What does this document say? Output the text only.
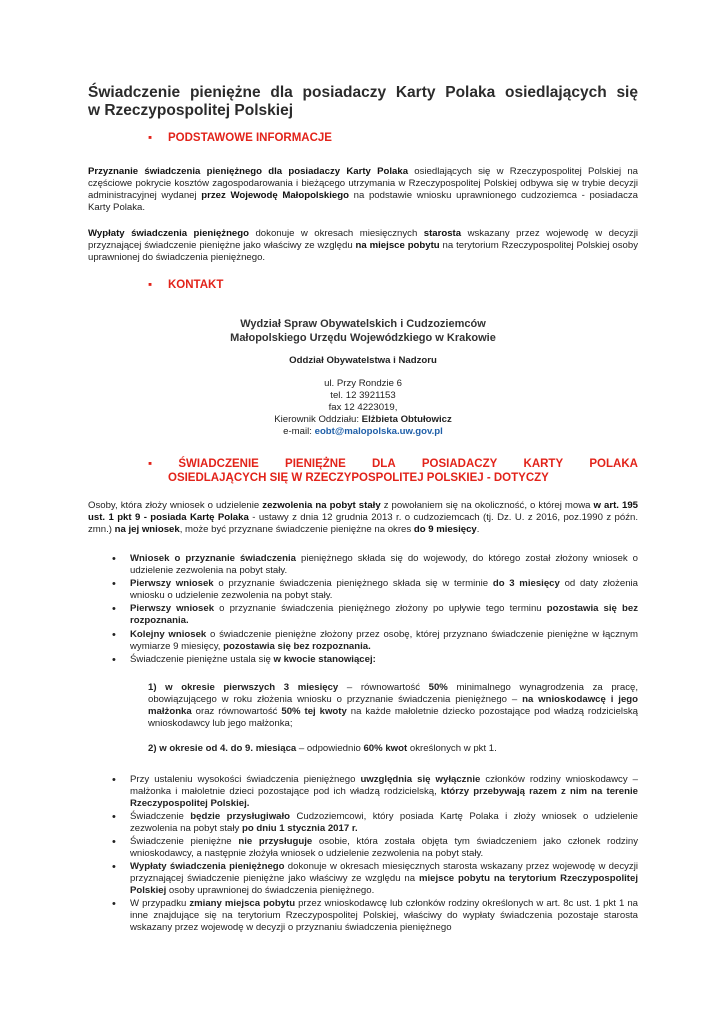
Świadczenie pieniężne dla posiadaczy Karty Polaka osiedlających się
w Rzeczypospolitej Polskiej
▪ PODSTAWOWE INFORMACJE
Przyznanie świadczenia pieniężnego dla posiadaczy Karty Polaka osiedlających się w Rzeczypospolitej Polskiej na częściowe pokrycie kosztów zagospodarowania i bieżącego utrzymania w Rzeczypospolitej Polskiej odbywa się w trybie decyzji administracyjnej wydanej przez Wojewodę Małopolskiego na podstawie wniosku uprawnionego cudzoziemca - posiadacza Karty Polaka.
Wypłaty świadczenia pieniężnego dokonuje w okresach miesięcznych starosta wskazany przez wojewodę w decyzji przyznającej świadczenie pieniężne jako właściwy ze względu na miejsce pobytu na terytorium Rzeczypospolitej Polskiej osoby uprawnionej do świadczenia pieniężnego.
▪ KONTAKT
Wydział Spraw Obywatelskich i Cudzoziemców
Małopolskiego Urzędu Wojewódzkiego w Krakowie
Oddział Obywatelstwa i Nadzoru
ul. Przy Rondzie 6
tel. 12 3921153
fax 12 4223019,
Kierownik Oddziału: Elżbieta Obtułowicz
e-mail: eobt@malopolska.uw.gov.pl
▪ ŚWIADCZENIE PIENIĘŻNE DLA POSIADACZY KARTY POLAKA
OSIEDLAJĄCYCH SIĘ W RZECZYPOSPOLITEJ POLSKIEJ - DOTYCZY
Osoby, która złoży wniosek o udzielenie zezwolenia na pobyt stały z powołaniem się na okoliczność, o której mowa w art. 195 ust. 1 pkt 9 - posiada Kartę Polaka - ustawy z dnia 12 grudnia 2013 r. o cudzoziemcach (tj. Dz. U. z 2016, poz.1990 z późn. zmn.) na jej wniosek, może być przyznane świadczenie pieniężne na okres do 9 miesięcy.
•	Wniosek o przyznanie świadczenia pieniężnego składa się do wojewody, do którego został złożony wniosek o udzielenie zezwolenia na pobyt stały.
•	Pierwszy wniosek o przyznanie świadczenia pieniężnego składa się w terminie do 3 miesięcy od daty złożenia wniosku o udzielenie zezwolenia na pobyt stały.
•	Pierwszy wniosek o przyznanie świadczenia pieniężnego złożony po upływie tego terminu pozostawia się bez rozpoznania.
•	Kolejny wniosek o świadczenie pieniężne złożony przez osobę, której przyznano świadczenie pieniężne w łącznym wymiarze 9 miesięcy, pozostawia się bez rozpoznania.
•	Świadczenie pieniężne ustala się w kwocie stanowiącej:
1) w okresie pierwszych 3 miesięcy – równowartość 50% minimalnego wynagrodzenia za pracę, obowiązującego w roku złożenia wniosku o przyznanie świadczenia pieniężnego – na wnioskodawcę i jego małżonka oraz równowartość 50% tej kwoty na każde małoletnie dziecko pozostające pod władzą rodzicielską wnioskodawcy lub jego małżonka;
2) w okresie od 4. do 9. miesiąca – odpowiednio 60% kwot określonych w pkt 1.
•	Przy ustaleniu wysokości świadczenia pieniężnego uwzględnia się wyłącznie członków rodziny wnioskodawcy – małżonka i małoletnie dzieci pozostające pod ich władzą rodzicielską, którzy przebywają razem z nim na terenie Rzeczypospolitej Polskiej.
•	Świadczenie będzie przysługiwało Cudzoziemcowi, który posiada Kartę Polaka i złoży wniosek o udzielenie zezwolenia na pobyt stały po dniu 1 stycznia 2017 r.
•	Świadczenie pieniężne nie przysługuje osobie, która została objęta tym świadczeniem jako członek rodziny wnioskodawcy, a następnie złożyła wniosek o udzielenie zezwolenia na pobyt stały.
•	Wypłaty świadczenia pieniężnego dokonuje w okresach miesięcznych starosta wskazany przez wojewodę w decyzji przyznającej świadczenie pieniężne jako właściwy ze względu na miejsce pobytu na terytorium Rzeczypospolitej Polskiej osoby uprawnionej do świadczenia pieniężnego.
•	W przypadku zmiany miejsca pobytu przez wnioskodawcę lub członków rodziny określonych w art. 8c ust. 1 pkt 1 na inne znajdujące się na terytorium Rzeczypospolitej Polskiej, właściwy do wypłaty świadczenia pozostaje starosta wskazany przez wojewodę w decyzji o przyznaniu świadczenia pieniężnego
